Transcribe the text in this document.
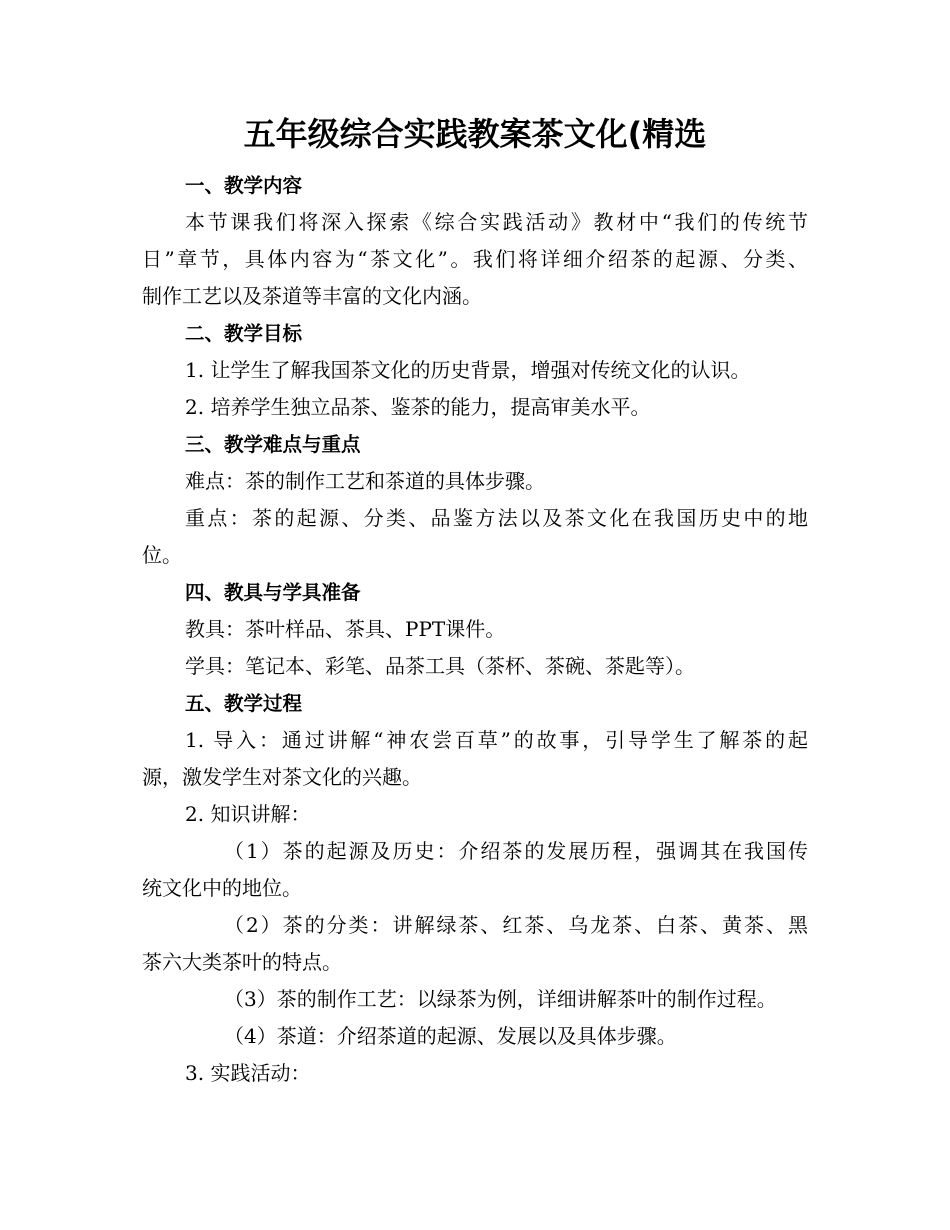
五年级综合实践教案茶文化(精选
一、教学内容
本节课我们将深入探索《综合实践活动》教材中“我们的传统节
日”章节，具体内容为“茶文化”。我们将详细介绍茶的起源、分类、
制作工艺以及茶道等丰富的文化内涵。
二、教学目标
1. 让学生了解我国茶文化的历史背景，增强对传统文化的认识。
2. 培养学生独立品茶、鉴茶的能力，提高审美水平。
三、教学难点与重点
难点：茶的制作工艺和茶道的具体步骤。
重点：茶的起源、分类、品鉴方法以及茶文化在我国历史中的地
位。
四、教具与学具准备
教具：茶叶样品、茶具、PPT课件。
学具：笔记本、彩笔、品茶工具（茶杯、茶碗、茶匙等）。
五、教学过程
1. 导入：通过讲解“神农尝百草”的故事，引导学生了解茶的起
源，激发学生对茶文化的兴趣。
2. 知识讲解：
（1）茶的起源及历史：介绍茶的发展历程，强调其在我国传
统文化中的地位。
（2）茶的分类：讲解绿茶、红茶、乌龙茶、白茶、黄茶、黑
茶六大类茶叶的特点。
（3）茶的制作工艺：以绿茶为例，详细讲解茶叶的制作过程。
（4）茶道：介绍茶道的起源、发展以及具体步骤。
3. 实践活动：
